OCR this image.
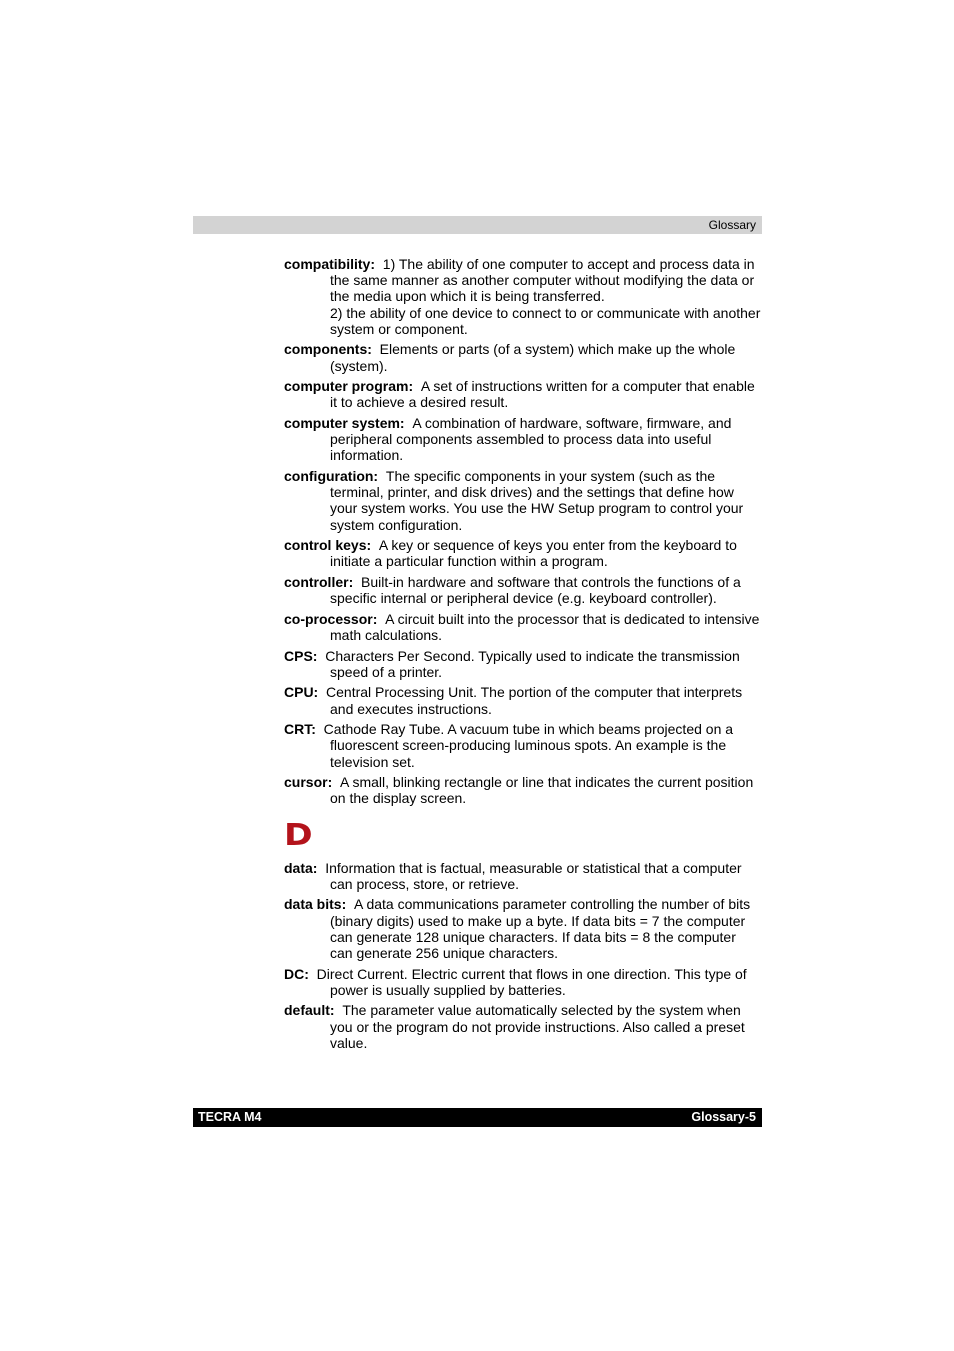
Glossary

compatibility: 1) The ability of one computer to accept and process data in the same manner as another computer without modifying the data or the media upon which it is being transferred.
2) the ability of one device to connect to or communicate with another system or component.

components: Elements or parts (of a system) which make up the whole (system).

computer program: A set of instructions written for a computer that enable it to achieve a desired result.

computer system: A combination of hardware, software, firmware, and peripheral components assembled to process data into useful information.

configuration: The specific components in your system (such as the terminal, printer, and disk drives) and the settings that define how your system works. You use the HW Setup program to control your system configuration.

control keys: A key or sequence of keys you enter from the keyboard to initiate a particular function within a program.

controller: Built-in hardware and software that controls the functions of a specific internal or peripheral device (e.g. keyboard controller).

co-processor: A circuit built into the processor that is dedicated to intensive math calculations.

CPS: Characters Per Second. Typically used to indicate the transmission speed of a printer.

CPU: Central Processing Unit. The portion of the computer that interprets and executes instructions.

CRT: Cathode Ray Tube. A vacuum tube in which beams projected on a fluorescent screen-producing luminous spots. An example is the television set.

cursor: A small, blinking rectangle or line that indicates the current position on the display screen.

D

data: Information that is factual, measurable or statistical that a computer can process, store, or retrieve.

data bits: A data communications parameter controlling the number of bits (binary digits) used to make up a byte. If data bits = 7 the computer can generate 128 unique characters. If data bits = 8 the computer can generate 256 unique characters.

DC: Direct Current. Electric current that flows in one direction. This type of power is usually supplied by batteries.

default: The parameter value automatically selected by the system when you or the program do not provide instructions. Also called a preset value.

TECRA M4	Glossary-5
